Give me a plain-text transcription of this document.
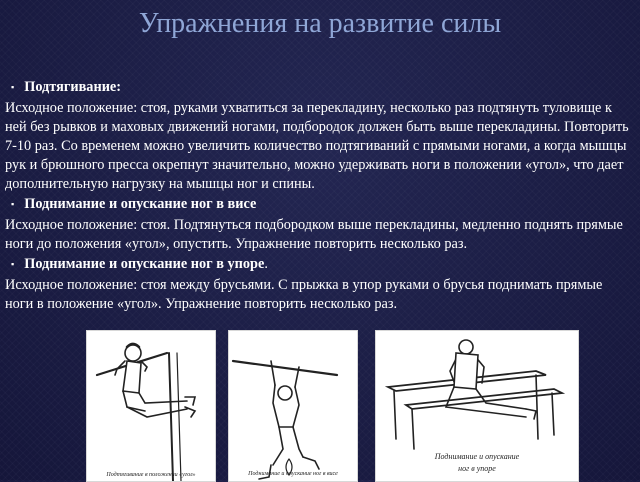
Упражнения на развитие силы
▪ Подтягивание:
Исходное положение: стоя, руками ухватиться за перекладину, несколько раз подтянуть туловище к ней без рывков и маховых движений ногами, подбородок должен быть выше перекладины. Повторить 7-10 раз. Со временем можно увеличить количество подтягиваний с прямыми ногами, а когда мышцы рук и брюшного пресса окрепнут значительно, можно удерживать ноги в положении «угол», что дает дополнительную нагрузку на мышцы ног и спины.
▪ Поднимание и опускание ног в висе
Исходное положение: стоя. Подтянуться подбородком выше перекладины, медленно поднять прямые ноги до положения «угол», опустить. Упражнение повторить несколько раз.
▪ Поднимание и опускание ног в упоре.
Исходное положение: стоя между брусьями. С прыжка в упор руками о брусья поднимать прямые ноги в положение «угол». Упражнение повторить несколько раз.
Подтягивание в положении «угол»	Поднимание и опускание ног в висе
Поднимание и опускание
ног в упоре
